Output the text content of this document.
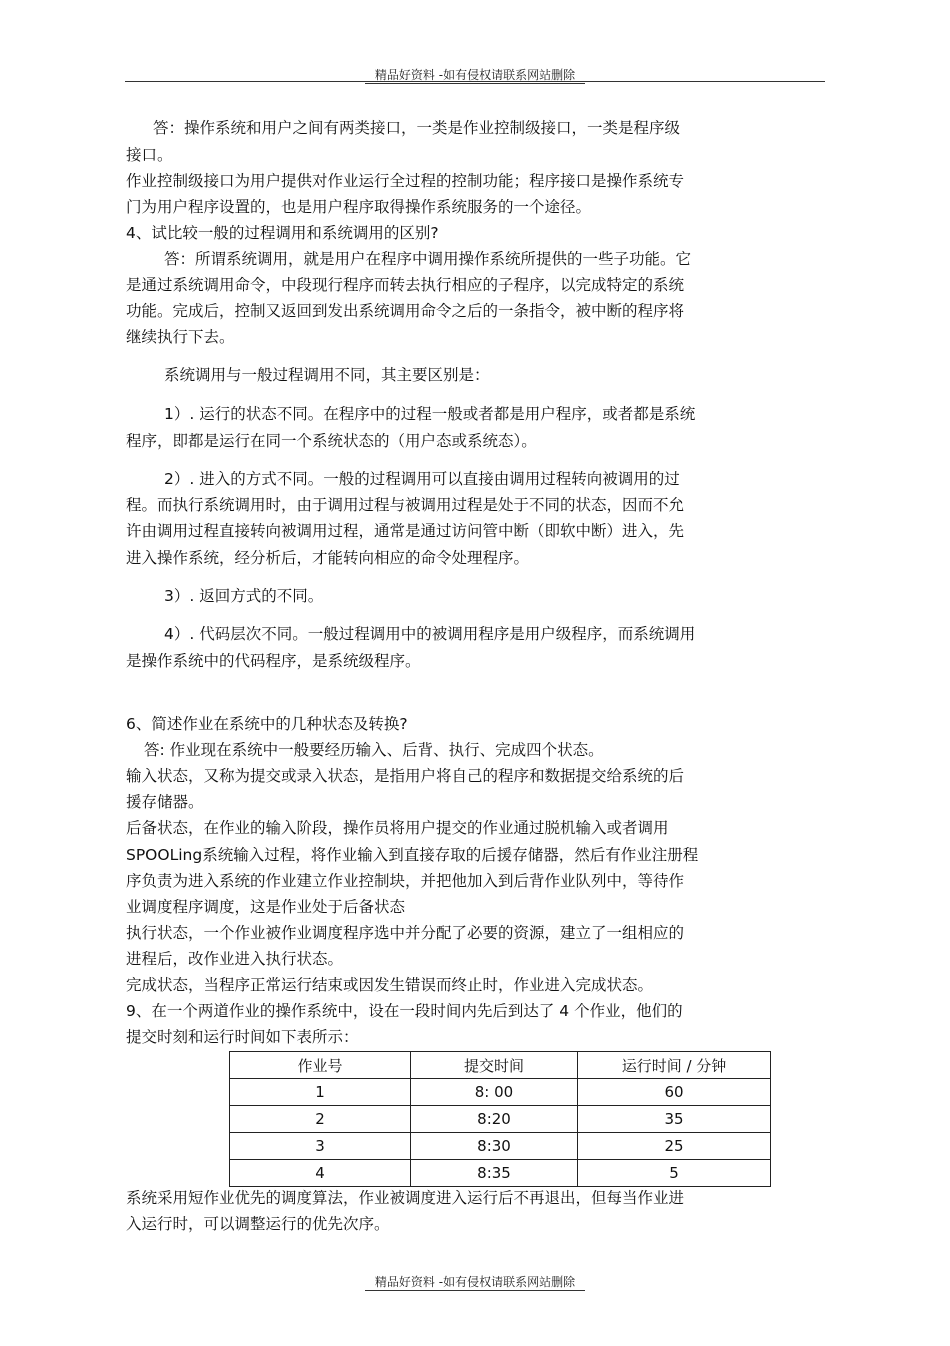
精品好资料 -如有侵权请联系网站删除
答：操作系统和用户之间有两类接口，一类是作业控制级接口，一类是程序级
接口。
作业控制级接口为用户提供对作业运行全过程的控制功能；程序接口是操作系统专
门为用户程序设置的，也是用户程序取得操作系统服务的一个途径。
4、试比较一般的过程调用和系统调用的区别?
答：所谓系统调用，就是用户在程序中调用操作系统所提供的一些子功能。它
是通过系统调用命令，中段现行程序而转去执行相应的子程序，以完成特定的系统
功能。完成后，控制又返回到发出系统调用命令之后的一条指令，被中断的程序将
继续执行下去。
系统调用与一般过程调用不同，其主要区别是：
1）. 运行的状态不同。在程序中的过程一般或者都是用户程序，或者都是系统
程序，即都是运行在同一个系统状态的（用户态或系统态）。
2）. 进入的方式不同。一般的过程调用可以直接由调用过程转向被调用的过
程。而执行系统调用时，由于调用过程与被调用过程是处于不同的状态，因而不允
许由调用过程直接转向被调用过程，通常是通过访问管中断（即软中断）进入，先
进入操作系统，经分析后，才能转向相应的命令处理程序。
3）. 返回方式的不同。
4）. 代码层次不同。一般过程调用中的被调用程序是用户级程序，而系统调用
是操作系统中的代码程序，是系统级程序。
6、简述作业在系统中的几种状态及转换?
答: 作业现在系统中一般要经历输入、后背、执行、完成四个状态。
输入状态，又称为提交或录入状态，是指用户将自己的程序和数据提交给系统的后
援存储器。
后备状态，在作业的输入阶段，操作员将用户提交的作业通过脱机输入或者调用
SPOOLing系统输入过程，将作业输入到直接存取的后援存储器，然后有作业注册程
序负责为进入系统的作业建立作业控制块，并把他加入到后背作业队列中，等待作
业调度程序调度，这是作业处于后备状态
执行状态，一个作业被作业调度程序选中并分配了必要的资源，建立了一组相应的
进程后，改作业进入执行状态。
完成状态，当程序正常运行结束或因发生错误而终止时，作业进入完成状态。
9、在一个两道作业的操作系统中，设在一段时间内先后到达了 4 个作业，他们的
提交时刻和运行时间如下表所示：
作业号	提交时间	运行时间 / 分钟
1	8: 00	60
2	8:20	35
3	8:30	25
4	8:35	5
系统采用短作业优先的调度算法，作业被调度进入运行后不再退出，但每当作业进
入运行时，可以调整运行的优先次序。
精品好资料 -如有侵权请联系网站删除
